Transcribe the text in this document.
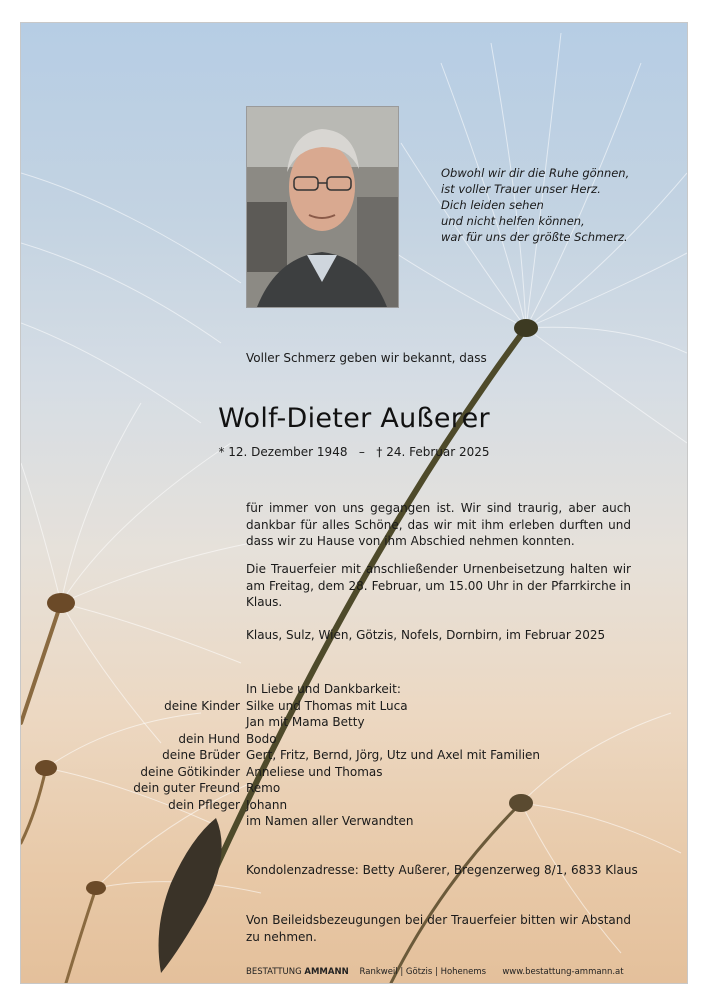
Obwohl wir dir die Ruhe gönnen,
ist voller Trauer unser Herz.
Dich leiden sehen
und nicht helfen können,
war für uns der größte Schmerz.
Voller Schmerz geben wir bekannt, dass
Wolf-Dieter Außerer
* 12. Dezember 1948 – † 24. Februar 2025
für immer von uns gegangen ist. Wir sind traurig, aber auch dankbar für alles Schöne, das wir mit ihm erleben durften und dass wir zu Hause von ihm Abschied nehmen konnten.
Die Trauerfeier mit anschließender Urnenbeisetzung halten wir am Freitag, dem 28. Februar, um 15.00 Uhr in der Pfarrkirche in Klaus.
Klaus, Sulz, Wien, Götzis, Nofels, Dornbirn, im Februar 2025
In Liebe und Dankbarkeit:
deine Kinder Silke und Thomas mit Luca
Jan mit Mama Betty
dein Hund Bodo
deine Brüder Gert, Fritz, Bernd, Jörg, Utz und Axel mit Familien
deine Götikinder Anneliese und Thomas
dein guter Freund Remo
dein Pfleger Johann
im Namen aller Verwandten
Kondolenzadresse: Betty Außerer, Bregenzerweg 8/1, 6833 Klaus
Von Beileidsbezeugungen bei der Trauerfeier bitten wir Abstand zu nehmen.
BESTATTUNG AMMANN Rankweil | Götzis | Hohenems www.bestattung-ammann.at
